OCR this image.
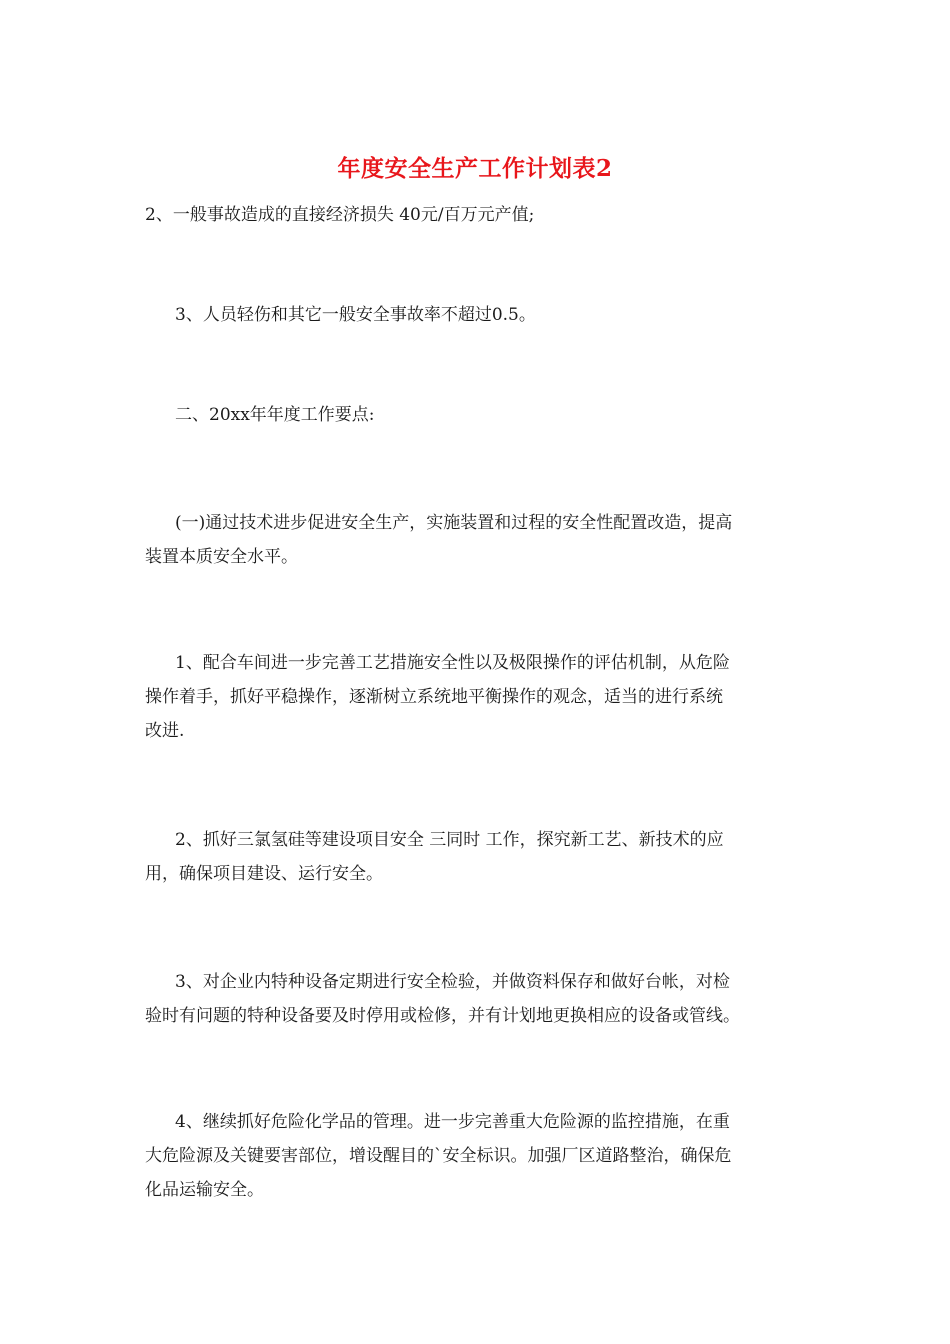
年度安全生产工作计划表2
2、一般事故造成的直接经济损失 40元/百万元产值;
3、人员轻伤和其它一般安全事故率不超过0.5。
二、20xx年年度工作要点:
(一)通过技术进步促进安全生产，实施装置和过程的安全性配置改造，提高
装置本质安全水平。
1、配合车间进一步完善工艺措施安全性以及极限操作的评估机制，从危险
操作着手，抓好平稳操作，逐渐树立系统地平衡操作的观念，适当的进行系统
改进.
2、抓好三氯氢硅等建设项目安全 三同时 工作，探究新工艺、新技术的应
用，确保项目建设、运行安全。
3、对企业内特种设备定期进行安全检验，并做资料保存和做好台帐，对检
验时有问题的特种设备要及时停用或检修，并有计划地更换相应的设备或管线。
4、继续抓好危险化学品的管理。进一步完善重大危险源的监控措施，在重
大危险源及关键要害部位，增设醒目的`安全标识。加强厂区道路整治，确保危
化品运输安全。
